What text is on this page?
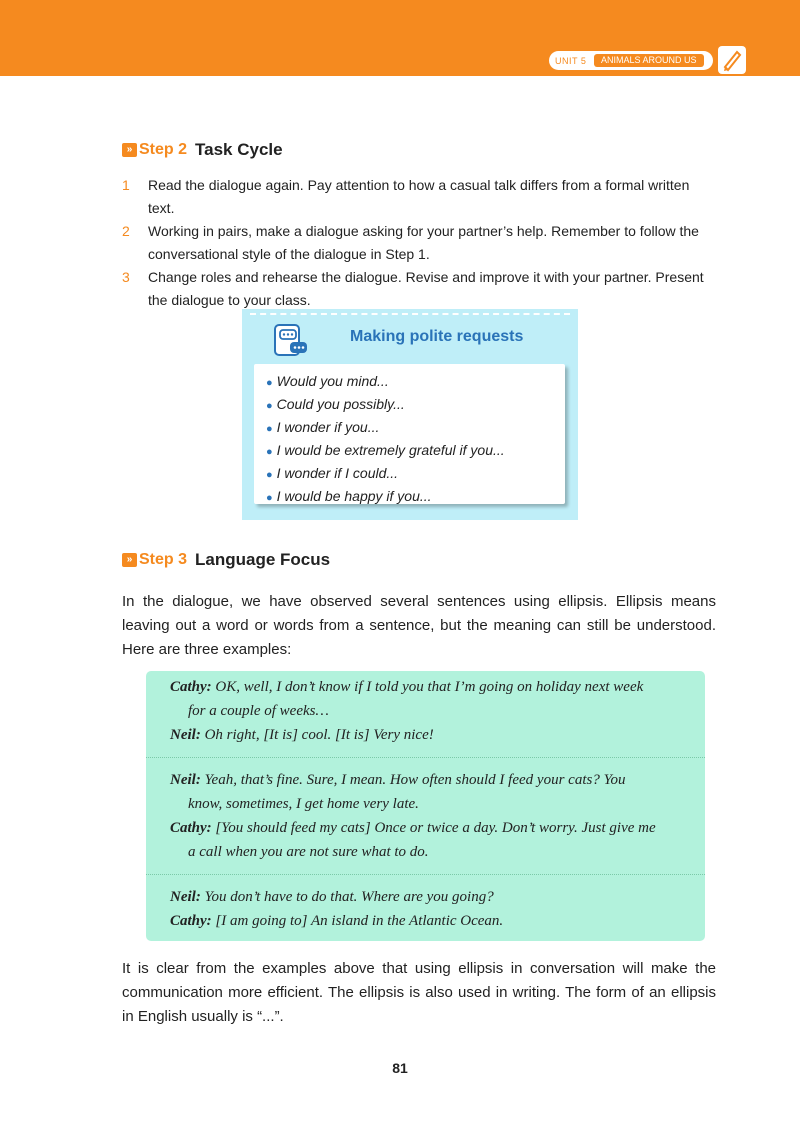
UNIT 5	ANIMALS AROUND US
» Step 2 Task Cycle
1 Read the dialogue again. Pay attention to how a casual talk differs from a formal written text.
2 Working in pairs, make a dialogue asking for your partner’s help. Remember to follow the conversational style of the dialogue in Step 1.
3 Change roles and rehearse the dialogue. Revise and improve it with your partner. Present the dialogue to your class.
Making polite requests
● Would you mind...
● Could you possibly...
● I wonder if you...
● I would be extremely grateful if you...
● I wonder if I could...
● I would be happy if you...
» Step 3 Language Focus

In the dialogue, we have observed several sentences using ellipsis. Ellipsis means leaving out a word or words from a sentence, but the meaning can still be understood. Here are three examples:

Cathy: OK, well, I don’t know if I told you that I’m going on holiday next week

for a couple of weeks…

Neil: Oh right, [It is] cool. [It is] Very nice!

Neil: Yeah, that’s fine. Sure, I mean. How often should I feed your cats? You

know, sometimes, I get home very late.

Cathy: [You should feed my cats] Once or twice a day. Don’t worry. Just give me

a call when you are not sure what to do.

Neil: You don’t have to do that. Where are you going?

Cathy: [I am going to] An island in the Atlantic Ocean.

It is clear from the examples above that using ellipsis in conversation will make the communication more efficient. The ellipsis is also used in writing. The form of an ellipsis in English usually is “...”.

81
